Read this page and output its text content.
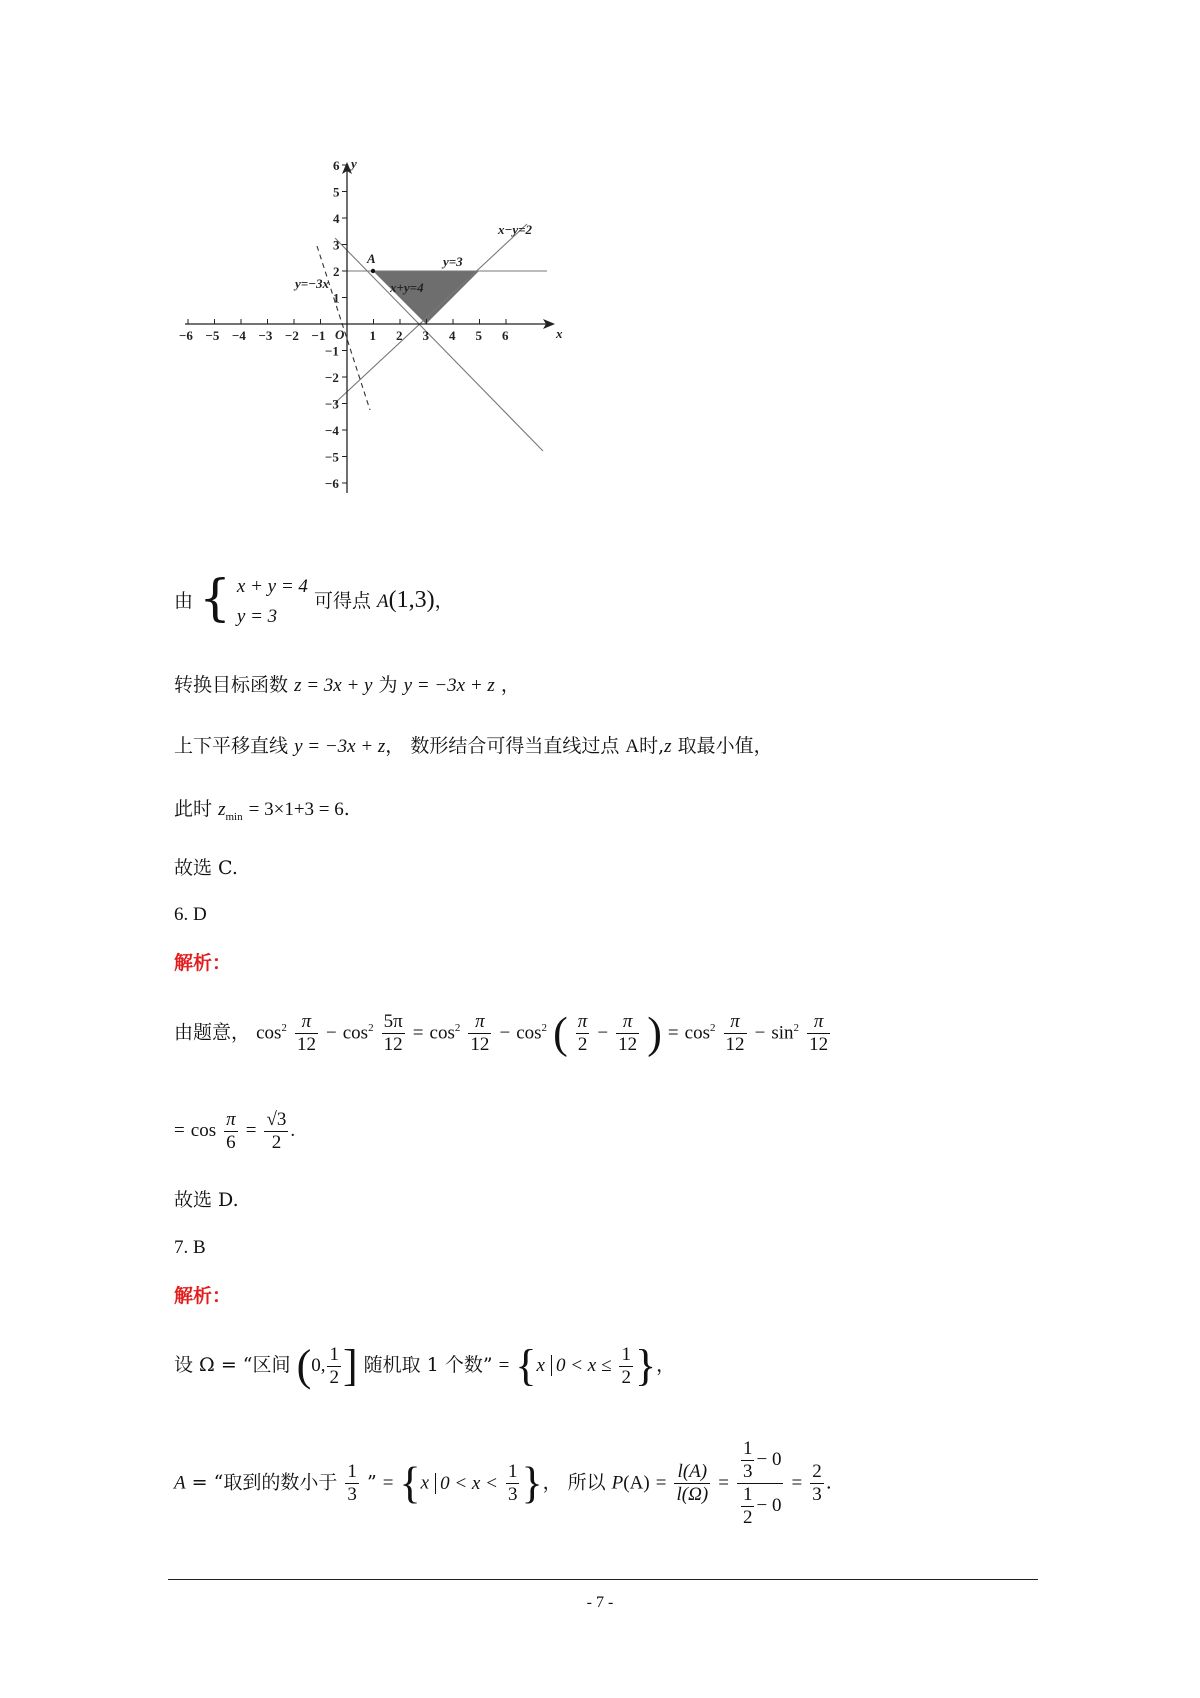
x
y
O
x−y=2
y=3
x+y=4
y=−3x
A
−6 −5 −4 −3 −2 −1	1 2 3 4 5 6
6
5
4
3
2
1
−1
−2
−3
−4
−5
−6
由 { x + y = 4
y = 3
可得点 A(1,3)，
转换目标函数 z = 3x + y 为 y = −3x + z ，
上下平移直线 y = −3x + z， 数形结合可得当直线过点 A时,z 取最小值，
此时 $z_{min} = 3\times 1+3 = 6$.
故选 C.
6. D
解析：
由题意， $\cos^2 \frac{\pi}{12} - \cos^2 \frac{5\pi}{12} = \cos^2 \frac{\pi}{12} - \cos^2$ ( $\frac{\pi}{2} - \frac{\pi}{12}$ ) = $\cos^2 \frac{\pi}{12} - \sin^2 \frac{\pi}{12}$
= $\cos \frac{\pi}{6} = \frac{√3}{2}$ .
故选 D.
7. B
解析：
设 Ω = “区间 (0, $\frac{1}{2}$ ] 随机取 1 个数” = {x $0 < x \le \frac{1}{2}$ }，
A = “取到的数小于 $\frac{1}{3}$ ” = {x $0 < x < \frac{1}{3}$ }， 所以 $P(A) = \frac{l(A)}{l(\Omega)} = \frac{\frac{1}{3} - 0}{\frac{1}{2} - 0} = \frac{2}{3}$ .
- 7 -
